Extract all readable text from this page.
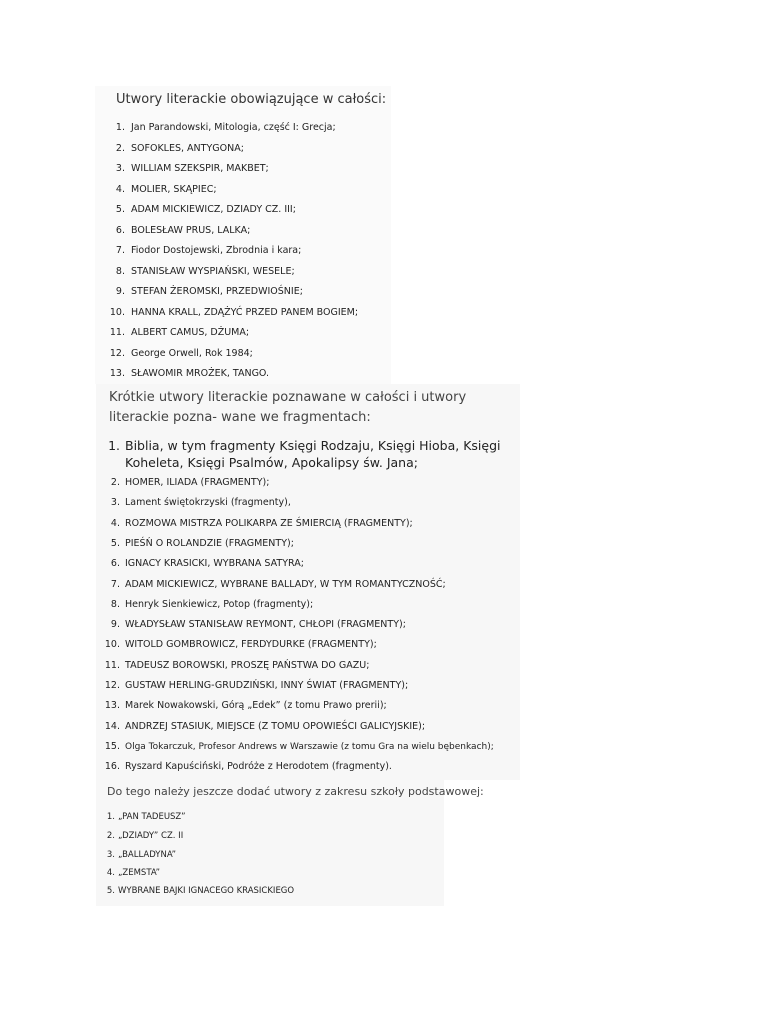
Utwory literackie obowiązujące w całości:
1. Jan Parandowski, Mitologia, część I: Grecja;
2. SOFOKLES, ANTYGONA;
3. WILLIAM SZEKSPIR, MAKBET;
4. MOLIER, SKĄPIEC;
5. ADAM MICKIEWICZ, DZIADY CZ. III;
6. BOLESŁAW PRUS, LALKA;
7. Fiodor Dostojewski, Zbrodnia i kara;
8. STANISŁAW WYSPIAŃSKI, WESELE;
9. STEFAN ŻEROMSKI, PRZEDWIOŚNIE;
10. HANNA KRALL, ZDĄŻYĆ PRZED PANEM BOGIEM;
11. ALBERT CAMUS, DŻUMA;
12. George Orwell, Rok 1984;
13. SŁAWOMIR MROŻEK, TANGO.
Krótkie utwory literackie poznawane w całości i utwory literackie pozna- wane we fragmentach:
1. Biblia, w tym fragmenty Księgi Rodzaju, Księgi Hioba, Księgi Koheleta, Księgi Psalmów, Apokalipsy św. Jana;
2. HOMER, ILIADA (FRAGMENTY);
3. Lament świętokrzyski (fragmenty),
4. ROZMOWA MISTRZA POLIKARPA ZE ŚMIERCIĄ (FRAGMENTY);
5. PIEŚŃ O ROLANDZIE (FRAGMENTY);
6. IGNACY KRASICKI, WYBRANA SATYRA;
7. ADAM MICKIEWICZ, WYBRANE BALLADY, W TYM ROMANTYCZNOŚĆ;
8. Henryk Sienkiewicz, Potop (fragmenty);
9. WŁADYSŁAW STANISŁAW REYMONT, CHŁOPI (FRAGMENTY);
10. WITOLD GOMBROWICZ, FERDYDURKE (FRAGMENTY);
11. TADEUSZ BOROWSKI, PROSZĘ PAŃSTWA DO GAZU;
12. GUSTAW HERLING-GRUDZIŃSKI, INNY ŚWIAT (FRAGMENTY);
13. Marek Nowakowski, Górą „Edek” (z tomu Prawo prerii);
14. ANDRZEJ STASIUK, MIEJSCE (Z TOMU OPOWIEŚCI GALICYJSKIE);
15. Olga Tokarczuk, Profesor Andrews w Warszawie (z tomu Gra na wielu bębenkach);
16. Ryszard Kapuściński, Podróże z Herodotem (fragmenty).
Do tego należy jeszcze dodać utwory z zakresu szkoły podstawowej:
1. „PAN TADEUSZ”
2. „DZIADY” CZ. II
3. „BALLADYNA”
4. „ZEMSTA”
5. WYBRANE BAJKI IGNACEGO KRASICKIEGO
